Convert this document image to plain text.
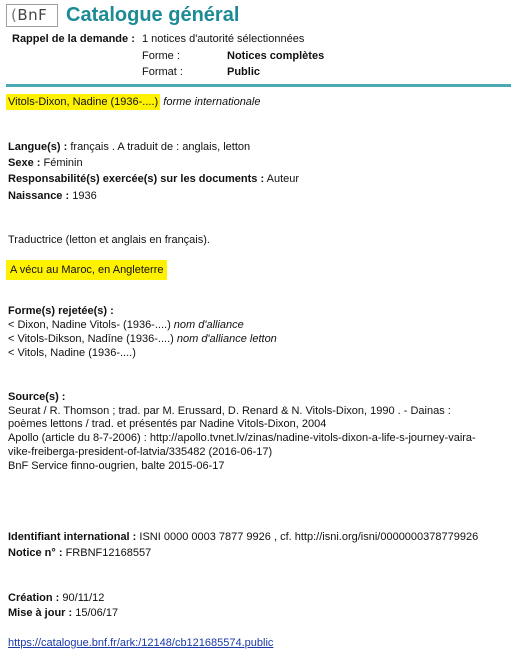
(BnF Catalogue général
Rappel de la demande : 1 notices d'autorité sélectionnées
Forme :	Notices complètes
Format :	Public
Vitols-Dixon, Nadine (1936-....) forme internationale
Langue(s) : français . A traduit de : anglais, letton
Sexe : Féminin
Responsabilité(s) exercée(s) sur les documents : Auteur
Naissance : 1936
Traductrice (letton et anglais en français).
A vécu au Maroc, en Angleterre
Forme(s) rejetée(s) :
< Dixon, Nadine Vitols- (1936-....) nom d'alliance
< Vitols-Dikson, Nadīne (1936-....) nom d'alliance letton
< Vitols, Nadine (1936-....)
Source(s) :
Seurat / R. Thomson ; trad. par M. Erussard, D. Renard & N. Vitols-Dixon, 1990 . - Dainas :
poèmes lettons / trad. et présentés par Nadine Vitols-Dixon, 2004
Apollo (article du 8-7-2006) : http://apollo.tvnet.lv/zinas/nadine-vitols-dixon-a-life-s-journey-vaira-
vike-freiberga-president-of-latvia/335482 (2016-06-17)
BnF Service finno-ougrien, balte 2015-06-17
Identifiant international : ISNI 0000 0003 7877 9926 , cf. http://isni.org/isni/0000000378779926
Notice n° : FRBNF12168557
Création : 90/11/12
Mise à jour : 15/06/17
https://catalogue.bnf.fr/ark:/12148/cb121685574.public
